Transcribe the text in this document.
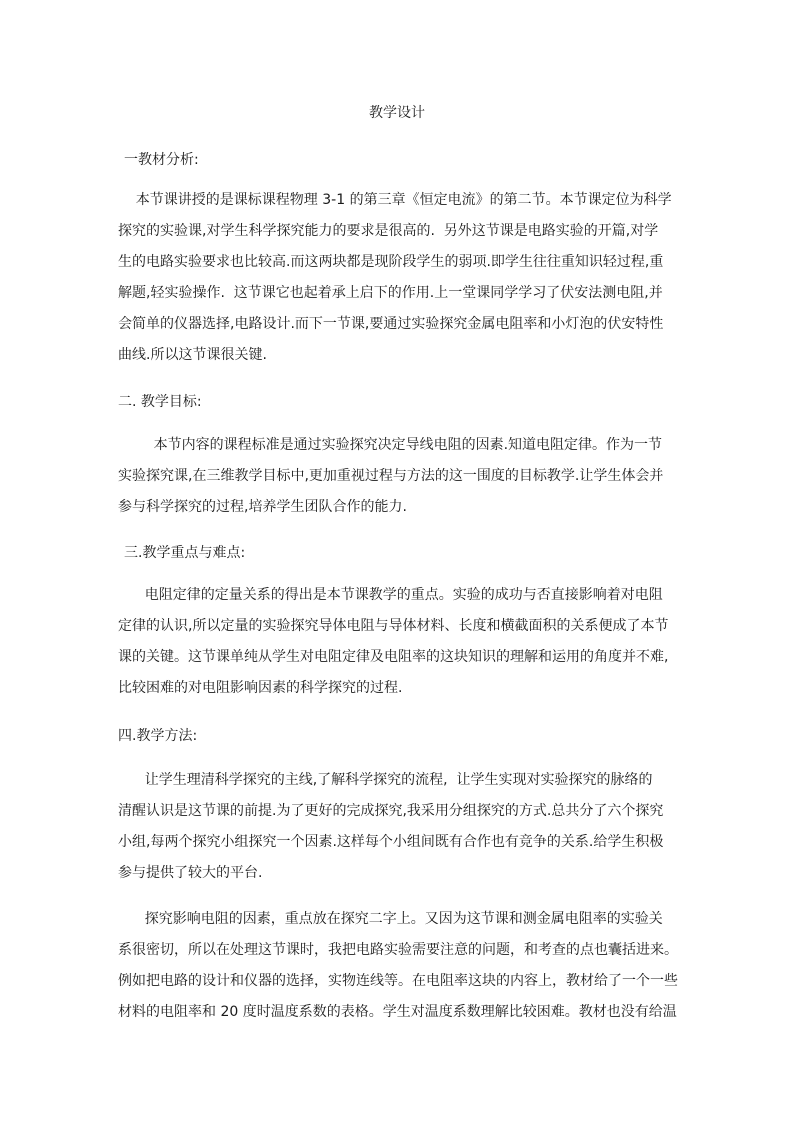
教学设计
一教材分析:
本节课讲授的是课标课程物理 3-1 的第三章《恒定电流》的第二节。本节课定位为科学
探究的实验课,对学生科学探究能力的要求是很高的.  另外这节课是电路实验的开篇,对学
生的电路实验要求也比较高.而这两块都是现阶段学生的弱项.即学生往往重知识轻过程,重
解题,轻实验操作.  这节课它也起着承上启下的作用.上一堂课同学学习了伏安法测电阻,并
会简单的仪器选择,电路设计.而下一节课,要通过实验探究金属电阻率和小灯泡的伏安特性
曲线.所以这节课很关键.
二. 教学目标:
本节内容的课程标准是通过实验探究决定导线电阻的因素.知道电阻定律。作为一节
实验探究课,在三维教学目标中,更加重视过程与方法的这一围度的目标教学.让学生体会并
参与科学探究的过程,培养学生团队合作的能力.
三.教学重点与难点:
电阻定律的定量关系的得出是本节课教学的重点。实验的成功与否直接影响着对电阻
定律的认识,所以定量的实验探究导体电阻与导体材料、长度和横截面积的关系便成了本节
课的关键。这节课单纯从学生对电阻定律及电阻率的这块知识的理解和运用的角度并不难,
比较困难的对电阻影响因素的科学探究的过程.
四.教学方法:
让学生理清科学探究的主线,了解科学探究的流程,  让学生实现对实验探究的脉络的
清醒认识是这节课的前提.为了更好的完成探究,我采用分组探究的方式.总共分了六个探究
小组,每两个探究小组探究一个因素.这样每个小组间既有合作也有竞争的关系.给学生积极
参与提供了较大的平台.
探究影响电阻的因素，重点放在探究二字上。又因为这节课和测金属电阻率的实验关
系很密切，所以在处理这节课时，我把电路实验需要注意的问题，和考查的点也囊括进来。
例如把电路的设计和仪器的选择，实物连线等。在电阻率这块的内容上，教材给了一个一些
材料的电阻率和 20 度时温度系数的表格。学生对温度系数理解比较困难。教材也没有给温
